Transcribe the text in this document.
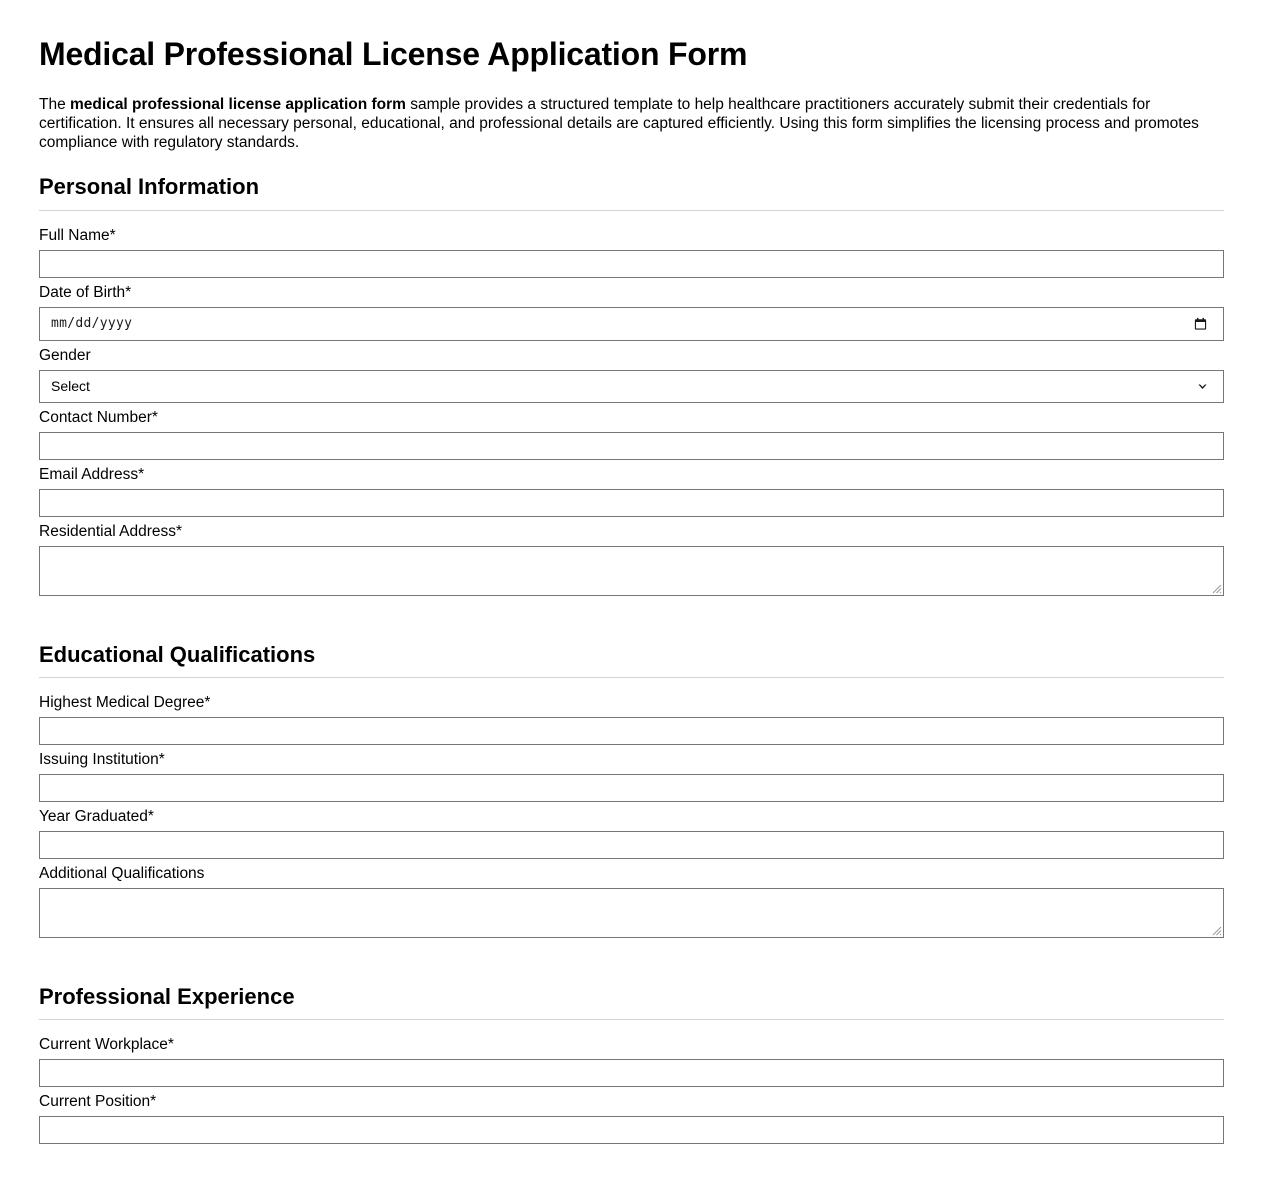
Medical Professional License Application Form

The medical professional license application form sample provides a structured template to help healthcare practitioners accurately submit their credentials for certification. It ensures all necessary personal, educational, and professional details are captured efficiently. Using this form simplifies the licensing process and promotes compliance with regulatory standards.

Personal Information
Full Name*
Date of Birth*
mm/dd/yyyy
Gender
Select
Contact Number*
Email Address*
Residential Address*
Educational Qualifications
Highest Medical Degree*
Issuing Institution*
Year Graduated*
Additional Qualifications
Professional Experience
Current Workplace*
Current Position*
